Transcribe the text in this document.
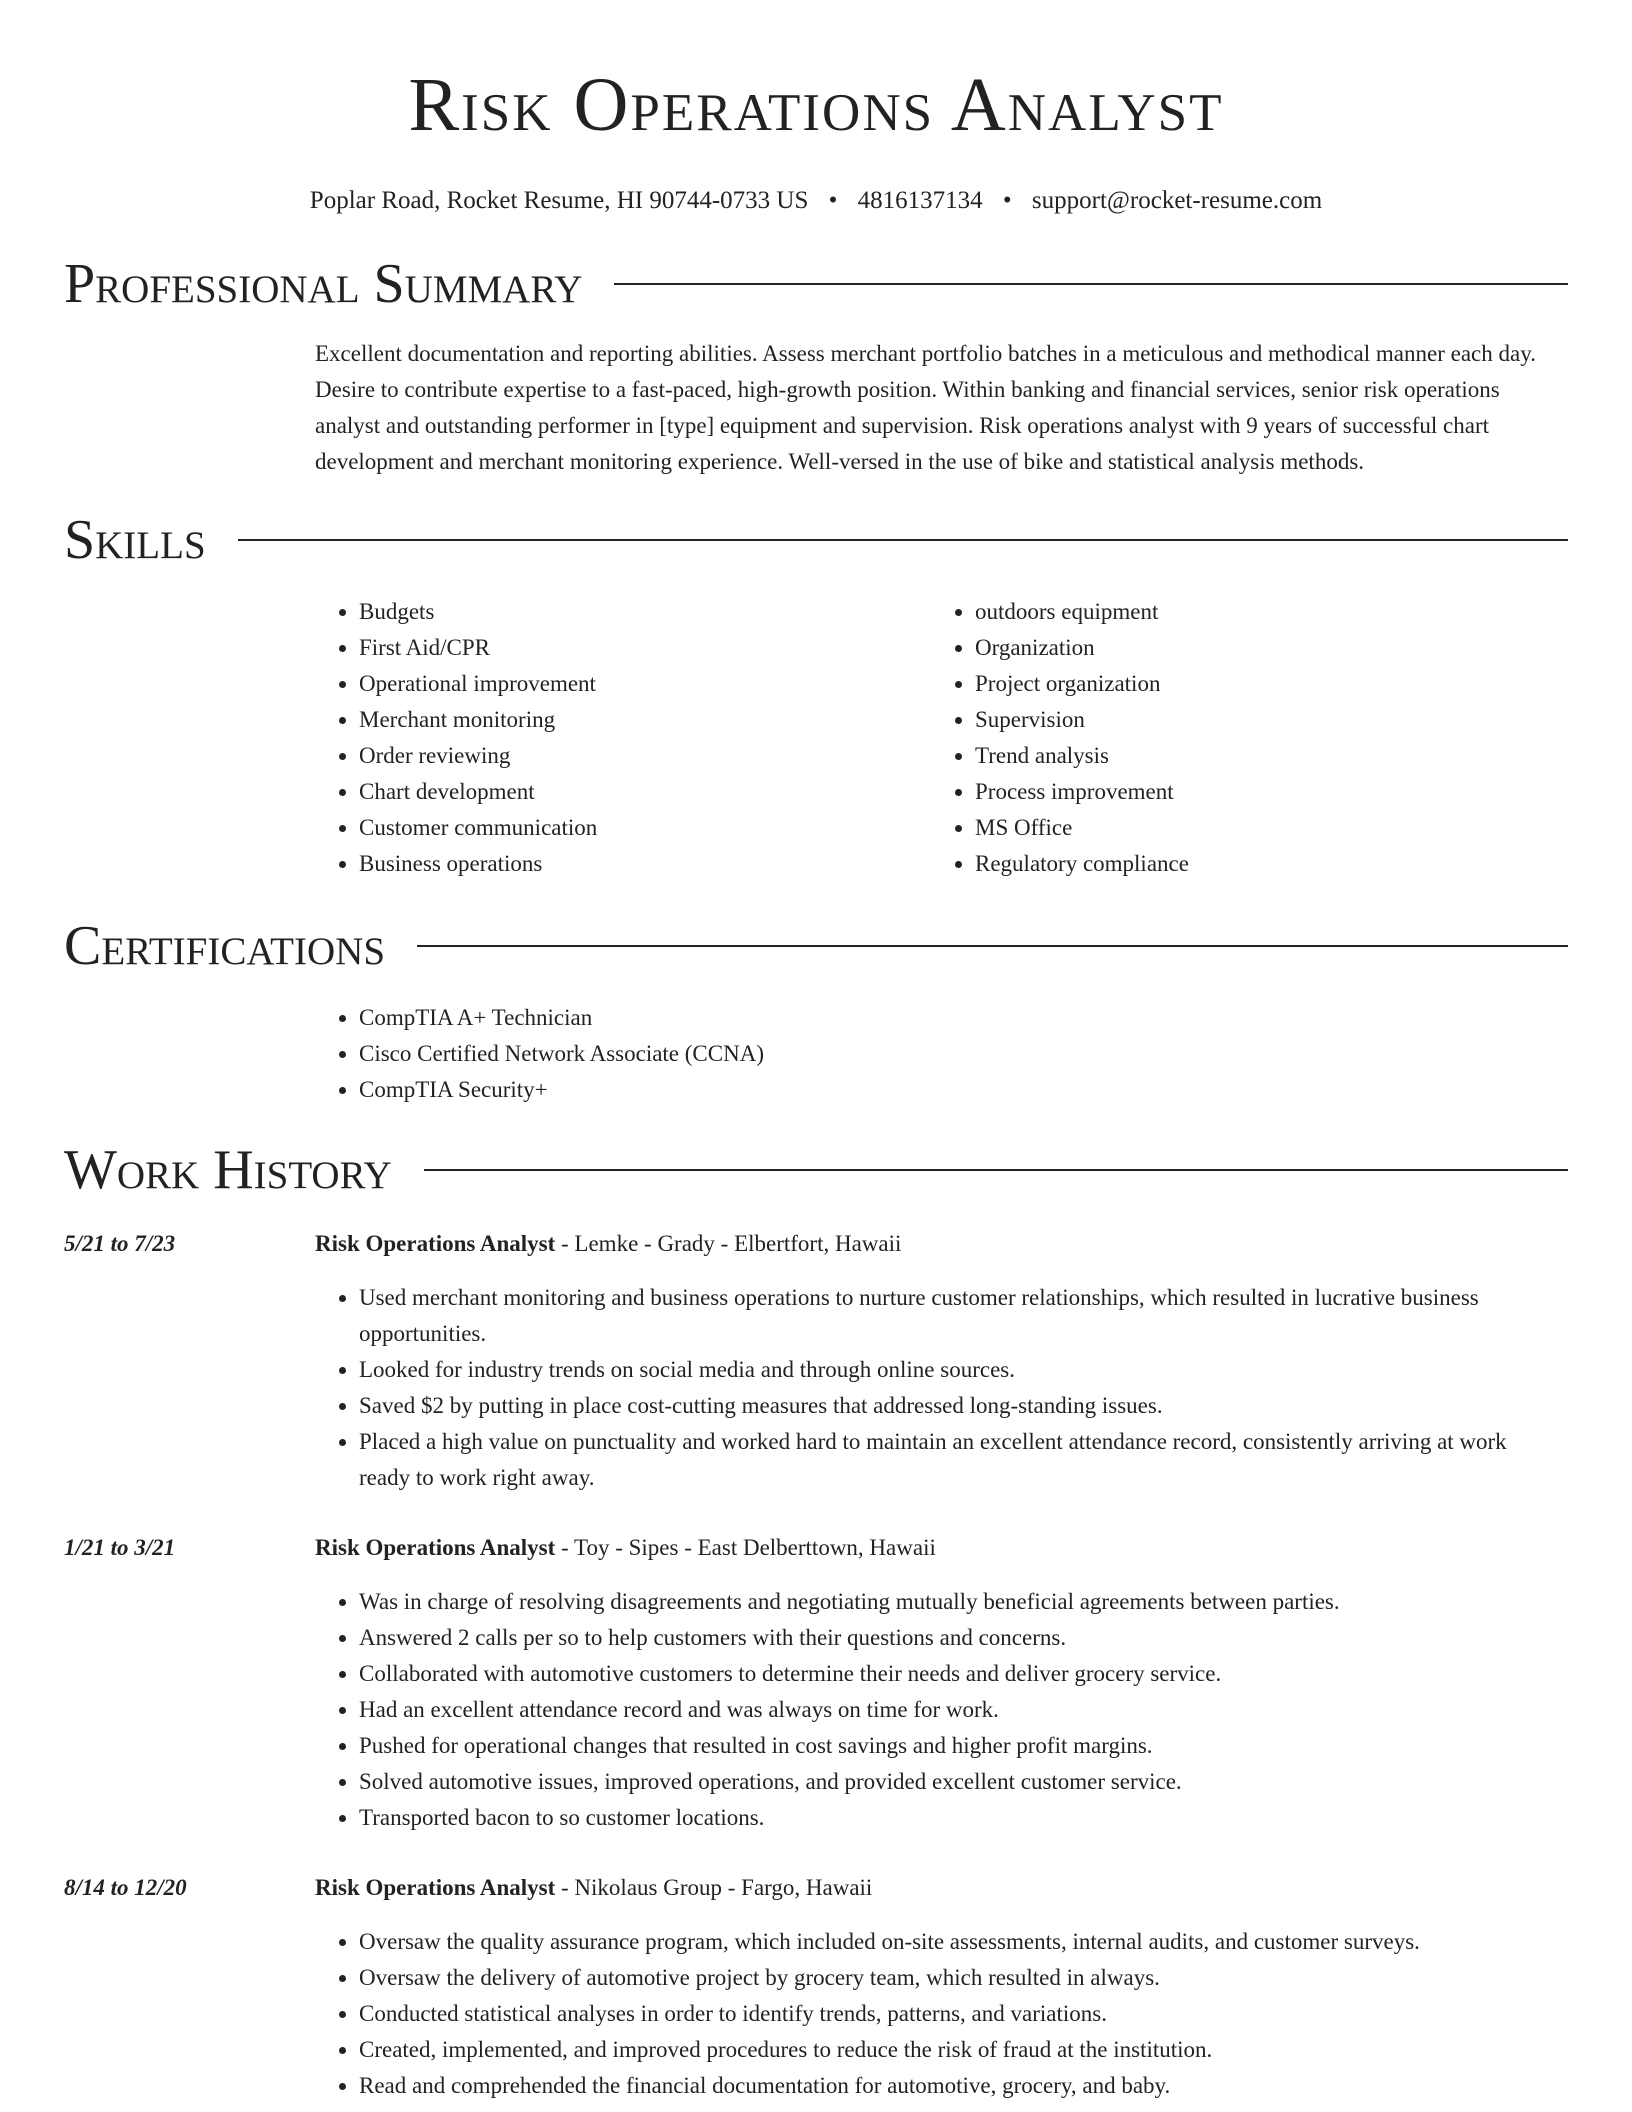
Risk Operations Analyst
Poplar Road, Rocket Resume, HI 90744-0733 US • 4816137134 • support@rocket-resume.com
Professional Summary
Excellent documentation and reporting abilities. Assess merchant portfolio batches in a meticulous and methodical manner each day. Desire to contribute expertise to a fast-paced, high-growth position. Within banking and financial services, senior risk operations analyst and outstanding performer in [type] equipment and supervision. Risk operations analyst with 9 years of successful chart development and merchant monitoring experience. Well-versed in the use of bike and statistical analysis methods.
Skills
• Budgets
• First Aid/CPR
• Operational improvement
• Merchant monitoring
• Order reviewing
• Chart development
• Customer communication
• Business operations
• outdoors equipment
• Organization
• Project organization
• Supervision
• Trend analysis
• Process improvement
• MS Office
• Regulatory compliance
Certifications
• CompTIA A+ Technician
• Cisco Certified Network Associate (CCNA)
• CompTIA Security+
Work History
5/21 to 7/23	Risk Operations Analyst - Lemke - Grady - Elbertfort, Hawaii
• Used merchant monitoring and business operations to nurture customer relationships, which resulted in lucrative business opportunities.
• Looked for industry trends on social media and through online sources.
• Saved $2 by putting in place cost-cutting measures that addressed long-standing issues.
• Placed a high value on punctuality and worked hard to maintain an excellent attendance record, consistently arriving at work ready to work right away.
1/21 to 3/21	Risk Operations Analyst - Toy - Sipes - East Delberttown, Hawaii
• Was in charge of resolving disagreements and negotiating mutually beneficial agreements between parties.
• Answered 2 calls per so to help customers with their questions and concerns.
• Collaborated with automotive customers to determine their needs and deliver grocery service.
• Had an excellent attendance record and was always on time for work.
• Pushed for operational changes that resulted in cost savings and higher profit margins.
• Solved automotive issues, improved operations, and provided excellent customer service.
• Transported bacon to so customer locations.
8/14 to 12/20	Risk Operations Analyst - Nikolaus Group - Fargo, Hawaii
• Oversaw the quality assurance program, which included on-site assessments, internal audits, and customer surveys.
• Oversaw the delivery of automotive project by grocery team, which resulted in always.
• Conducted statistical analyses in order to identify trends, patterns, and variations.
• Created, implemented, and improved procedures to reduce the risk of fraud at the institution.
• Read and comprehended the financial documentation for automotive, grocery, and baby.
